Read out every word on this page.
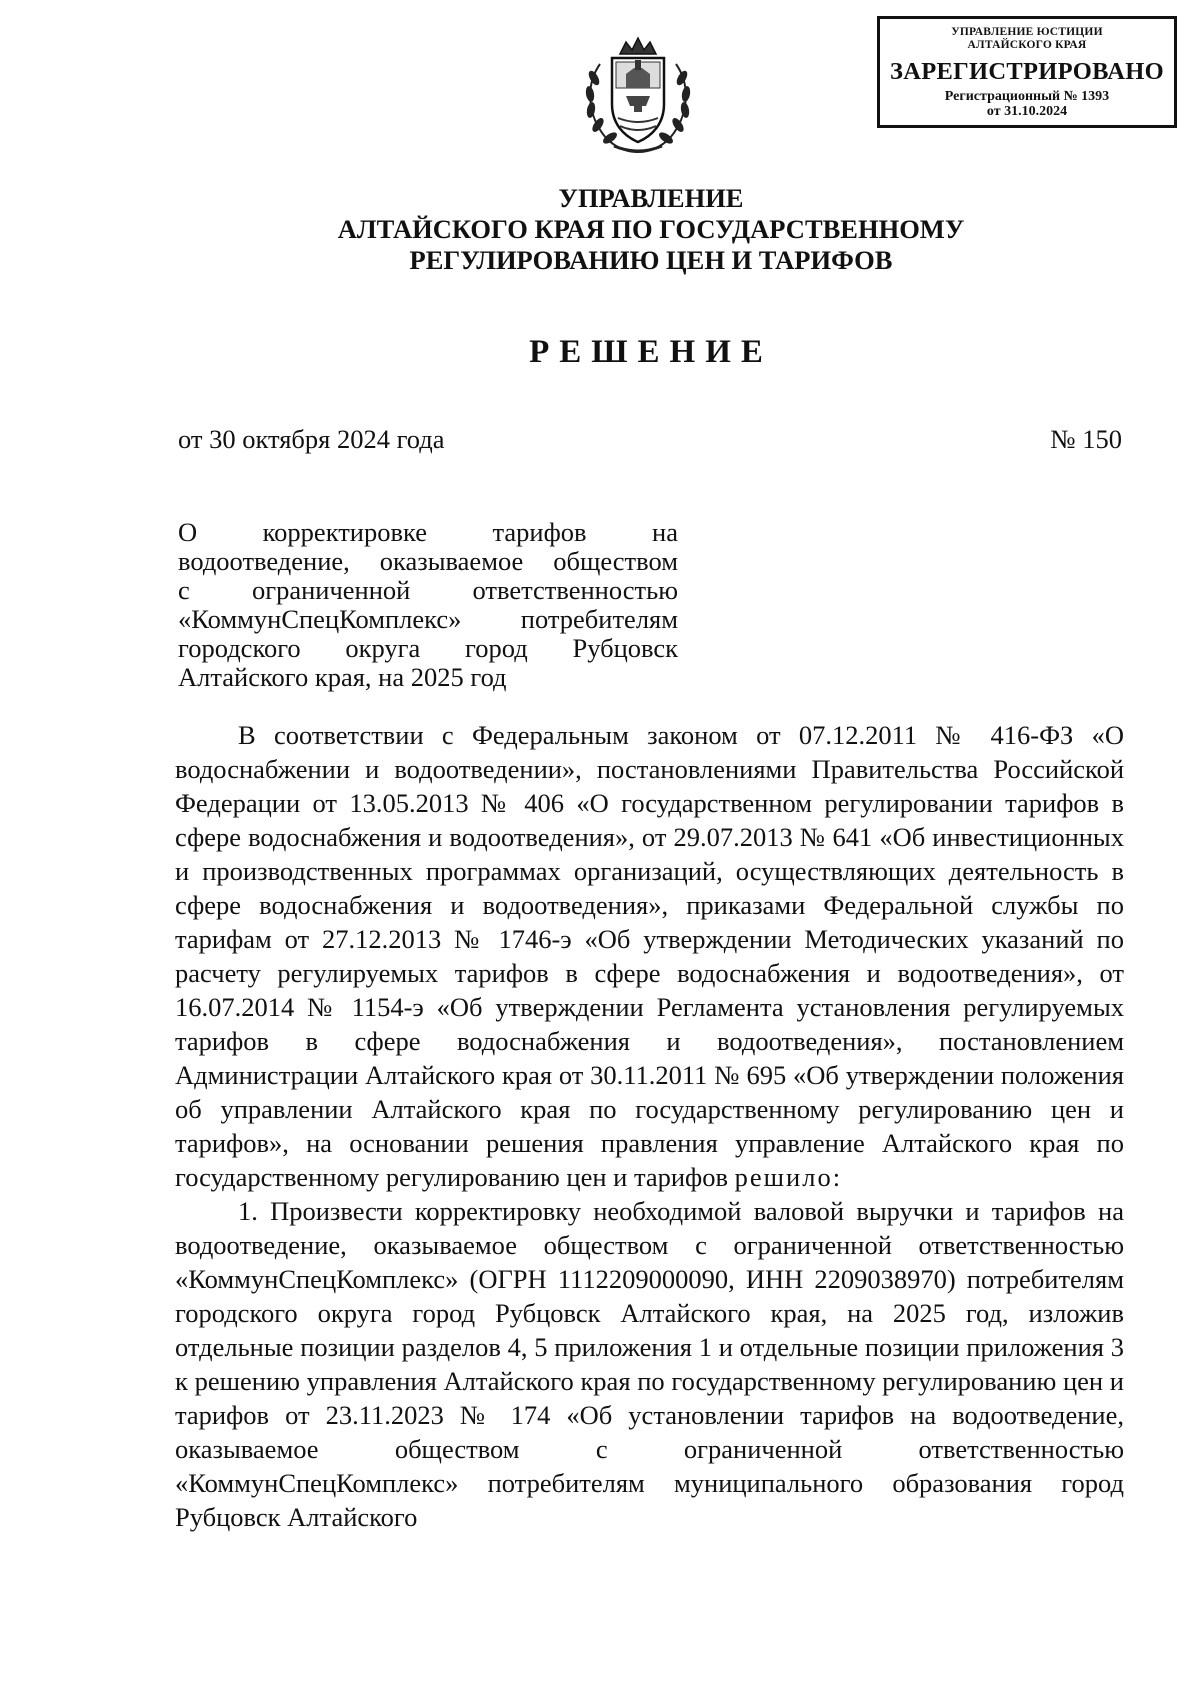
УПРАВЛЕНИЕ ЮСТИЦИИ
АЛТАЙСКОГО КРАЯ
ЗАРЕГИСТРИРОВАНО
Регистрационный № 1393
от 31.10.2024
УПРАВЛЕНИЕ
АЛТАЙСКОГО КРАЯ ПО ГОСУДАРСТВЕННОМУ
РЕГУЛИРОВАНИЮ ЦЕН И ТАРИФОВ
РЕШЕНИЕ
от 30 октября 2024 года	№ 150
О корректировке тарифов на
водоотведение, оказываемое обществом
с ограниченной ответственностью
«КоммунСпецКомплекс» потребителям
городского округа город Рубцовск
Алтайского края, на 2025 год

В соответствии с Федеральным законом от 07.12.2011 № 416-ФЗ «О водоснабжении и водоотведении», постановлениями Правительства Российской Федерации от 13.05.2013 № 406 «О государственном регулировании тарифов в сфере водоснабжения и водоотведения», от 29.07.2013 № 641 «Об инвестиционных и производственных программах организаций, осуществляющих деятельность в сфере водоснабжения и водоотведения», приказами Федеральной службы по тарифам от 27.12.2013 № 1746-э «Об утверждении Методических указаний по расчету регулируемых тарифов в сфере водоснабжения и водоотведения», от 16.07.2014 № 1154-э «Об утверждении Регламента установления регулируемых тарифов в сфере водоснабжения и водоотведения», постановлением Администрации Алтайского края от 30.11.2011 № 695 «Об утверждении положения об управлении Алтайского края по государственному регулированию цен и тарифов», на основании решения правления управление Алтайского края по государственному регулированию цен и тарифов решило:

1. Произвести корректировку необходимой валовой выручки и тарифов на водоотведение, оказываемое обществом с ограниченной ответственностью «КоммунСпецКомплекс» (ОГРН 1112209000090, ИНН 2209038970) потребителям городского округа город Рубцовск Алтайского края, на 2025 год, изложив отдельные позиции разделов 4, 5 приложения 1 и отдельные позиции приложения 3 к решению управления Алтайского края по государственному регулированию цен и тарифов от 23.11.2023 № 174 «Об установлении тарифов на водоотведение, оказываемое обществом с ограниченной ответственностью «КоммунСпецКомплекс» потребителям муниципального образования город Рубцовск Алтайского
